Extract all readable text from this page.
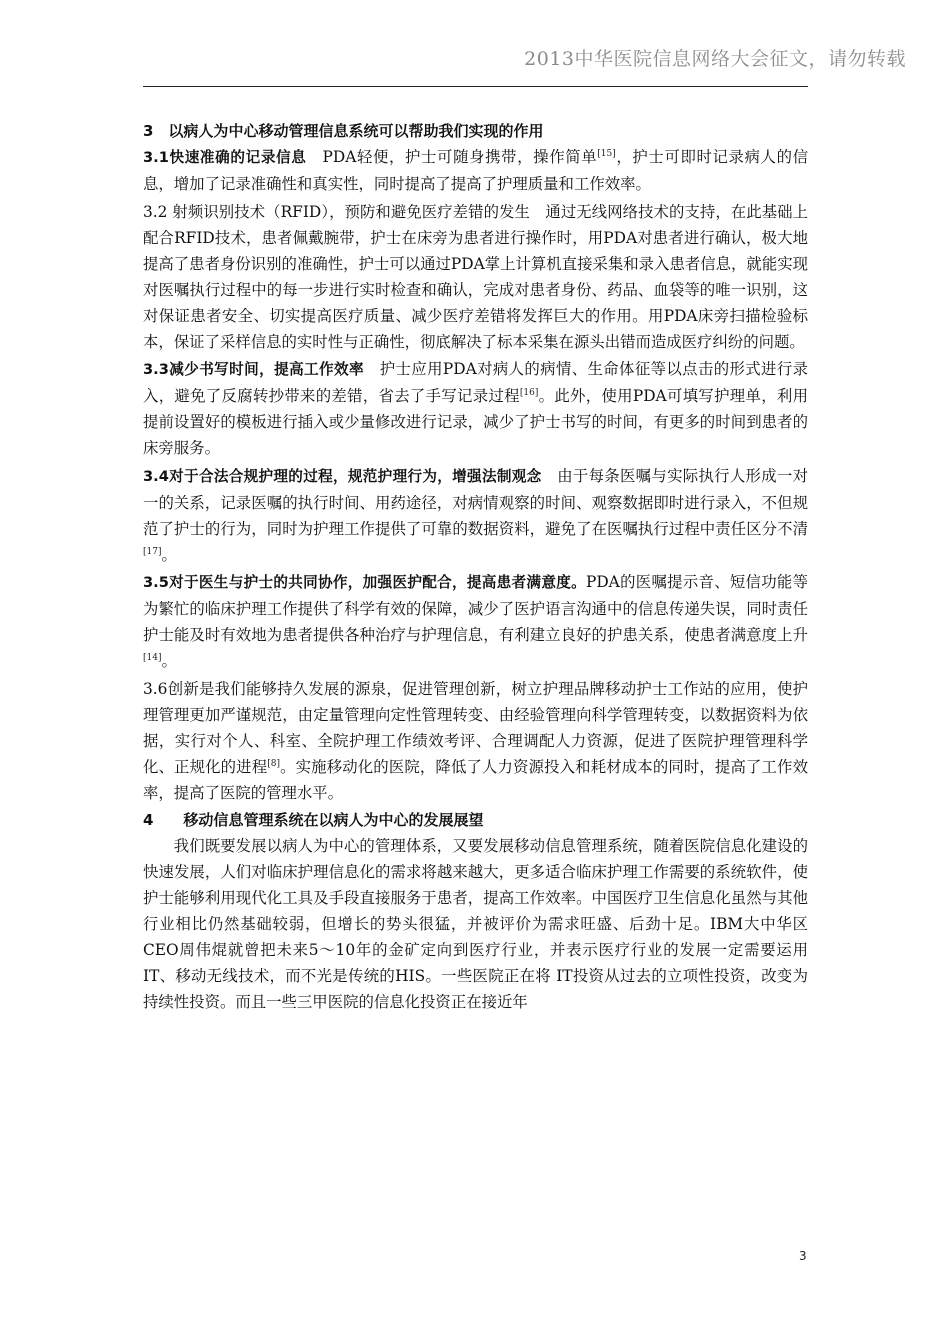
2013中华医院信息网络大会征文，请勿转载

3　以病人为中心移动管理信息系统可以帮助我们实现的作用

3.1快速准确的记录信息　PDA轻便，护士可随身携带，操作简单[15]，护士可即时记录病人的信息，增加了记录准确性和真实性，同时提高了提高了护理质量和工作效率。

3.2 射频识别技术（RFID），预防和避免医疗差错的发生　通过无线网络技术的支持，在此基础上配合RFID技术，患者佩戴腕带，护士在床旁为患者进行操作时，用PDA对患者进行确认，极大地提高了患者身份识别的准确性，护士可以通过PDA掌上计算机直接采集和录入患者信息，就能实现对医嘱执行过程中的每一步进行实时检查和确认，完成对患者身份、药品、血袋等的唯一识别，这对保证患者安全、切实提高医疗质量、减少医疗差错将发挥巨大的作用。用PDA床旁扫描检验标本，保证了采样信息的实时性与正确性，彻底解决了标本采集在源头出错而造成医疗纠纷的问题。

3.3减少书写时间，提高工作效率　护士应用PDA对病人的病情、生命体征等以点击的形式进行录入，避免了反腐转抄带来的差错，省去了手写记录过程[16]。此外，使用PDA可填写护理单，利用提前设置好的模板进行插入或少量修改进行记录，减少了护士书写的时间，有更多的时间到患者的床旁服务。

3.4对于合法合规护理的过程，规范护理行为，增强法制观念　由于每条医嘱与实际执行人形成一对一的关系，记录医嘱的执行时间、用药途径，对病情观察的时间、观察数据即时进行录入，不但规范了护士的行为，同时为护理工作提供了可靠的数据资料，避免了在医嘱执行过程中责任区分不清[17]。

3.5对于医生与护士的共同协作，加强医护配合，提高患者满意度。PDA的医嘱提示音、短信功能等为繁忙的临床护理工作提供了科学有效的保障，减少了医护语言沟通中的信息传递失误，同时责任护士能及时有效地为患者提供各种治疗与护理信息，有利建立良好的护患关系，使患者满意度上升[14]。

3.6创新是我们能够持久发展的源泉，促进管理创新，树立护理品牌移动护士工作站的应用，使护理管理更加严谨规范，由定量管理向定性管理转变、由经验管理向科学管理转变，以数据资料为依据，实行对个人、科室、全院护理工作绩效考评、合理调配人力资源，促进了医院护理管理科学化、正规化的进程[8]。实施移动化的医院，降低了人力资源投入和耗材成本的同时，提高了工作效率，提高了医院的管理水平。

4　　移动信息管理系统在以病人为中心的发展展望

我们既要发展以病人为中心的管理体系，又要发展移动信息管理系统，随着医院信息化建设的快速发展，人们对临床护理信息化的需求将越来越大，更多适合临床护理工作需要的系统软件，使护士能够利用现代化工具及手段直接服务于患者，提高工作效率。中国医疗卫生信息化虽然与其他行业相比仍然基础较弱，但增长的势头很猛，并被评价为需求旺盛、后劲十足。IBM大中华区CEO周伟焜就曾把未来5～10年的金矿定向到医疗行业，并表示医疗行业的发展一定需要运用 IT、移动无线技术，而不光是传统的HIS。一些医院正在将 IT投资从过去的立项性投资，改变为持续性投资。而且一些三甲医院的信息化投资正在接近年

3
